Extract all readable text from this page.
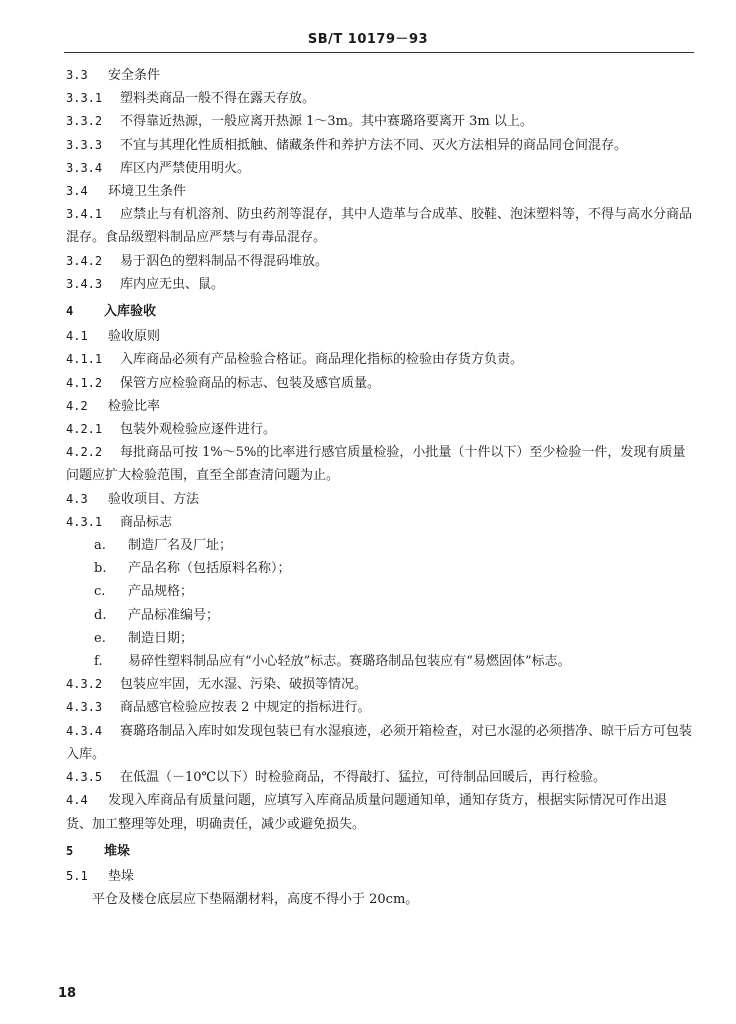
SB/T 10179－93
3.3 安全条件
3.3.1 塑料类商品一般不得在露天存放。
3.3.2 不得靠近热源，一般应离开热源 1～3m。其中赛璐珞要离开 3m 以上。
3.3.3 不宜与其理化性质相抵触、储藏条件和养护方法不同、灭火方法相异的商品同仓间混存。
3.3.4 库区内严禁使用明火。
3.4 环境卫生条件
3.4.1 应禁止与有机溶剂、防虫药剂等混存，其中人造革与合成革、胶鞋、泡沫塑料等，不得与高水分商品混存。食品级塑料制品应严禁与有毒品混存。
3.4.2 易于泅色的塑料制品不得混码堆放。
3.4.3 库内应无虫、鼠。
4 入库验收
4.1 验收原则
4.1.1 入库商品必须有产品检验合格证。商品理化指标的检验由存货方负责。
4.1.2 保管方应检验商品的标志、包装及感官质量。
4.2 检验比率
4.2.1 包装外观检验应逐件进行。
4.2.2 每批商品可按 1%～5%的比率进行感官质量检验，小批量（十件以下）至少检验一件，发现有质量问题应扩大检验范围，直至全部查清问题为止。
4.3 验收项目、方法
4.3.1 商品标志
a. 制造厂名及厂址；
b. 产品名称（包括原料名称）；
c. 产品规格；
d. 产品标准编号；
e. 制造日期；
f. 易碎性塑料制品应有“小心轻放”标志。赛璐珞制品包装应有“易燃固体”标志。
4.3.2 包装应牢固，无水湿、污染、破损等情况。
4.3.3 商品感官检验应按表 2 中规定的指标进行。
4.3.4 赛璐珞制品入库时如发现包装已有水湿痕迹，必须开箱检查，对已水湿的必须揩净、晾干后方可包装入库。
4.3.5 在低温（－10℃以下）时检验商品，不得敲打、猛拉，可待制品回暖后，再行检验。
4.4 发现入库商品有质量问题，应填写入库商品质量问题通知单，通知存货方，根据实际情况可作出退货、加工整理等处理，明确责任，减少或避免损失。
5 堆垛
5.1 垫垛
平仓及楼仓底层应下垫隔潮材料，高度不得小于 20cm。
18
